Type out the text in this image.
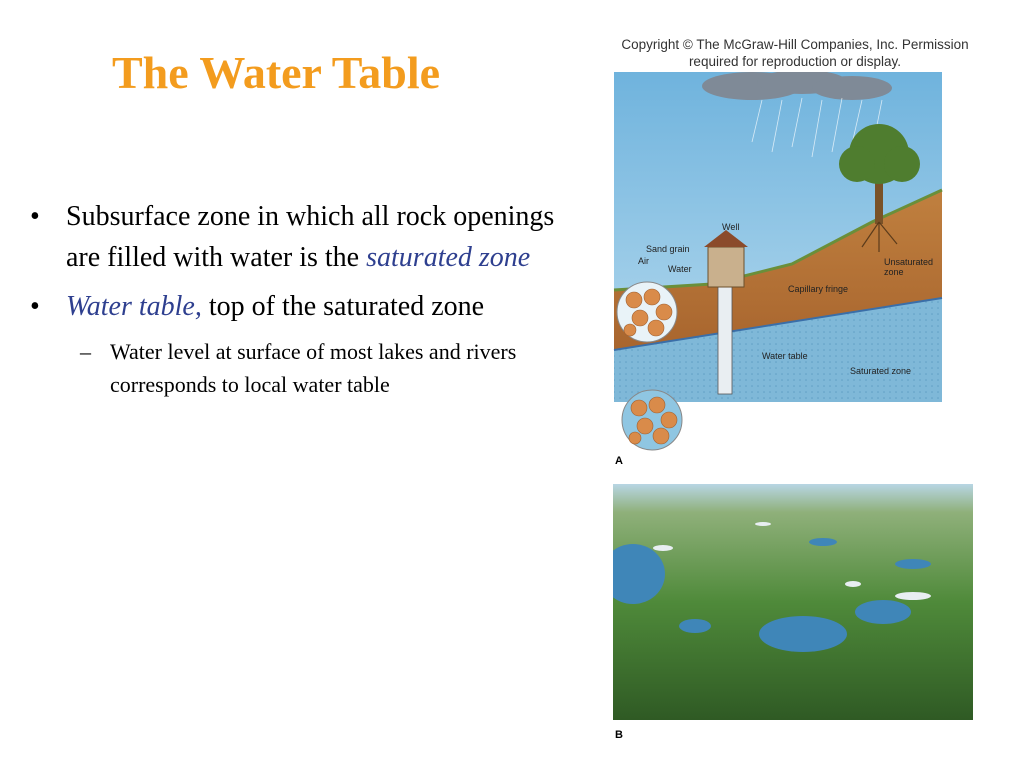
The Water Table

• Subsurface zone in which all rock openings are filled with water is the saturated zone

• Water table, top of the saturated zone

– Water level at surface of most lakes and rivers corresponds to local water table

Copyright © The McGraw-Hill Companies, Inc. Permission
required for reproduction or display.
Well
Sand grain
Air
Water
Unsaturated
zone
Capillary fringe
Water table
Saturated zone
A
B
